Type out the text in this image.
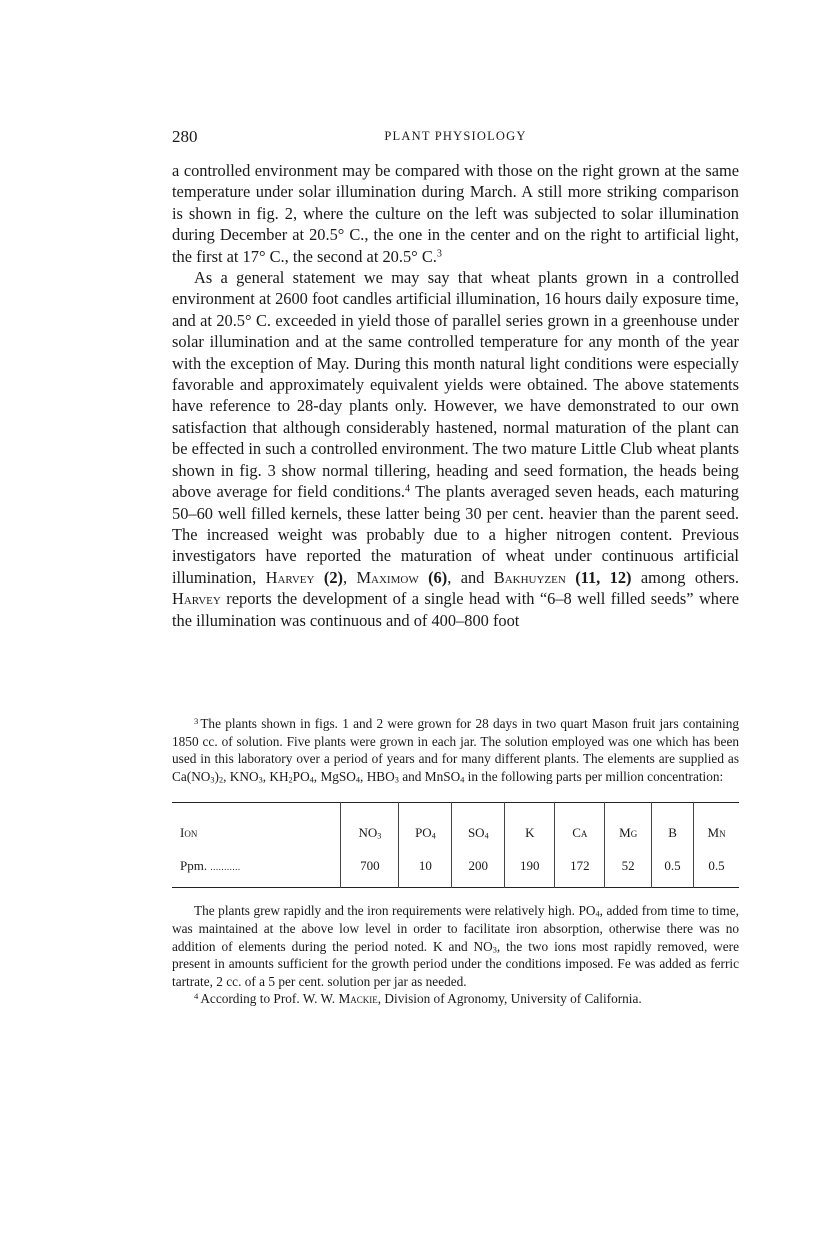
280	PLANT PHYSIOLOGY

a controlled environment may be compared with those on the right grown at the same temperature under solar illumination during March. A still more striking comparison is shown in fig. 2, where the culture on the left was subjected to solar illumination during December at 20.5° C., the one in the center and on the right to artificial light, the first at 17° C., the second at 20.5° C.$^3$

As a general statement we may say that wheat plants grown in a controlled environment at 2600 foot candles artificial illumination, 16 hours daily exposure time, and at 20.5° C. exceeded in yield those of parallel series grown in a greenhouse under solar illumination and at the same controlled temperature for any month of the year with the exception of May. During this month natural light conditions were especially favorable and approximately equivalent yields were obtained. The above statements have reference to 28-day plants only. However, we have demonstrated to our own satisfaction that although considerably hastened, normal maturation of the plant can be effected in such a controlled environment. The two mature Little Club wheat plants shown in fig. 3 show normal tillering, heading and seed formation, the heads being above average for field conditions.$^4$ The plants averaged seven heads, each maturing 50–60 well filled kernels, these latter being 30 per cent. heavier than the parent seed. The increased weight was probably due to a higher nitrogen content. Previous investigators have reported the maturation of wheat under continuous artificial illumination, Harvey (2), Maximow (6), and Bakhuyzen (11, 12) among others. Harvey reports the development of a single head with “6–8 well filled seeds” where the illumination was continuous and of 400–800 foot

$^3$ The plants shown in figs. 1 and 2 were grown for 28 days in two quart Mason fruit jars containing 1850 cc. of solution. Five plants were grown in each jar. The solution employed was one which has been used in this laboratory over a period of years and for many different plants. The elements are supplied as $Ca(NO_3)_2$, $KNO_3$, $KH_2PO_4$, MgSO$_4$, $HBO_3$ and MnSO$_4$ in the following parts per million concentration:

Ion	$NO_3$	$PO_4$	$SO_4$	K	Ca	Mg	B	Mn
Ppm. ...........	700	10	200	190	172	52	0.5	0.5

The plants grew rapidly and the iron requirements were relatively high. $PO_4$, added from time to time, was maintained at the above low level in order to facilitate iron absorption, otherwise there was no addition of elements during the period noted. K and $NO_3$, the two ions most rapidly removed, were present in amounts sufficient for the growth period under the conditions imposed. Fe was added as ferric tartrate, 2 cc. of a 5 per cent. solution per jar as needed.

$^4$ According to Prof. W. W. Mackie, Division of Agronomy, University of California.
